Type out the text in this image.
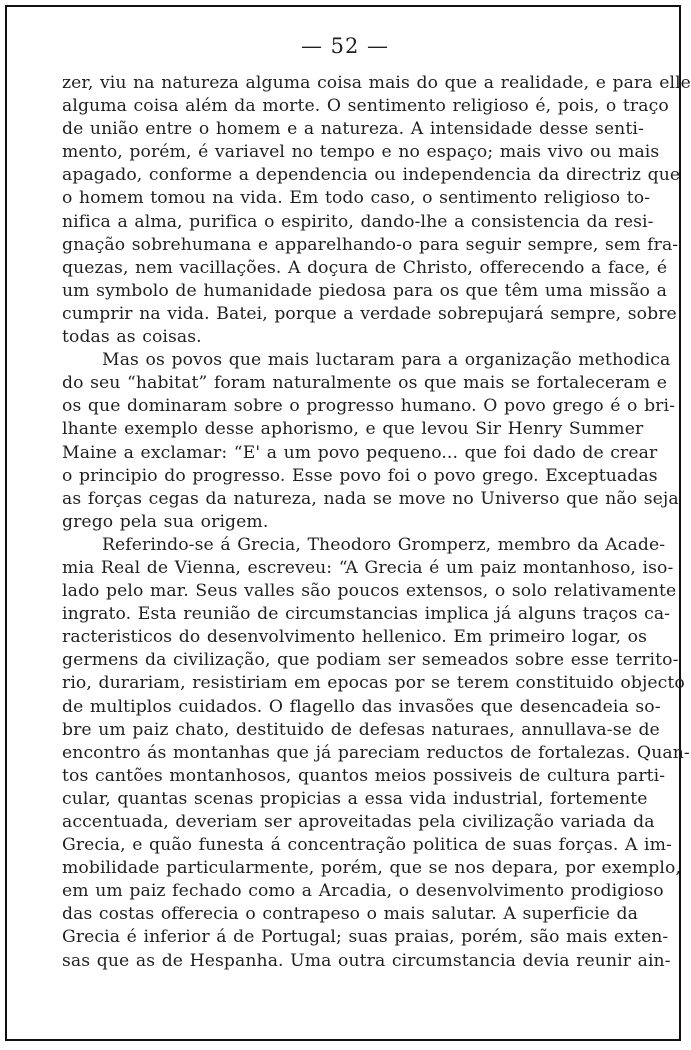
— 52 —
zer, viu na natureza alguma coisa mais do que a realidade, e para elle
alguma coisa além da morte. O sentimento religioso é, pois, o traço
de união entre o homem e a natureza. A intensidade desse senti-
mento, porém, é variavel no tempo e no espaço; mais vivo ou mais
apagado, conforme a dependencia ou independencia da directriz que
o homem tomou na vida. Em todo caso, o sentimento religioso to-
nifica a alma, purifica o espirito, dando-lhe a consistencia da resi-
gnação sobrehumana e apparelhando-o para seguir sempre, sem fra-
quezas, nem vacillações. A doçura de Christo, offerecendo a face, é
um symbolo de humanidade piedosa para os que têm uma missão a
cumprir na vida. Batei, porque a verdade sobrepujará sempre, sobre
todas as coisas.
Mas os povos que mais luctaram para a organização methodica
do seu “habitat” foram naturalmente os que mais se fortaleceram e
os que dominaram sobre o progresso humano. O povo grego é o bri-
lhante exemplo desse aphorismo, e que levou Sir Henry Summer
Maine a exclamar: “E' a um povo pequeno... que foi dado de crear
o principio do progresso. Esse povo foi o povo grego. Exceptuadas
as forças cegas da natureza, nada se move no Universo que não seja
grego pela sua origem.
Referindo-se á Grecia, Theodoro Gromperz, membro da Acade-
mia Real de Vienna, escreveu: “A Grecia é um paiz montanhoso, iso-
lado pelo mar. Seus valles são poucos extensos, o solo relativamente
ingrato. Esta reunião de circumstancias implica já alguns traços ca-
racteristicos do desenvolvimento hellenico. Em primeiro logar, os
germens da civilização, que podiam ser semeados sobre esse territo-
rio, durariam, resistiriam em epocas por se terem constituido objecto
de multiplos cuidados. O flagello das invasões que desencadeia so-
bre um paiz chato, destituido de defesas naturaes, annullava-se de
encontro ás montanhas que já pareciam reductos de fortalezas. Quan-
tos cantões montanhosos, quantos meios possiveis de cultura parti-
cular, quantas scenas propicias a essa vida industrial, fortemente
accentuada, deveriam ser aproveitadas pela civilização variada da
Grecia, e quão funesta á concentração politica de suas forças. A im-
mobilidade particularmente, porém, que se nos depara, por exemplo,
em um paiz fechado como a Arcadia, o desenvolvimento prodigioso
das costas offerecia o contrapeso o mais salutar. A superficie da
Grecia é inferior á de Portugal; suas praias, porém, são mais exten-
sas que as de Hespanha. Uma outra circumstancia devia reunir ain-
